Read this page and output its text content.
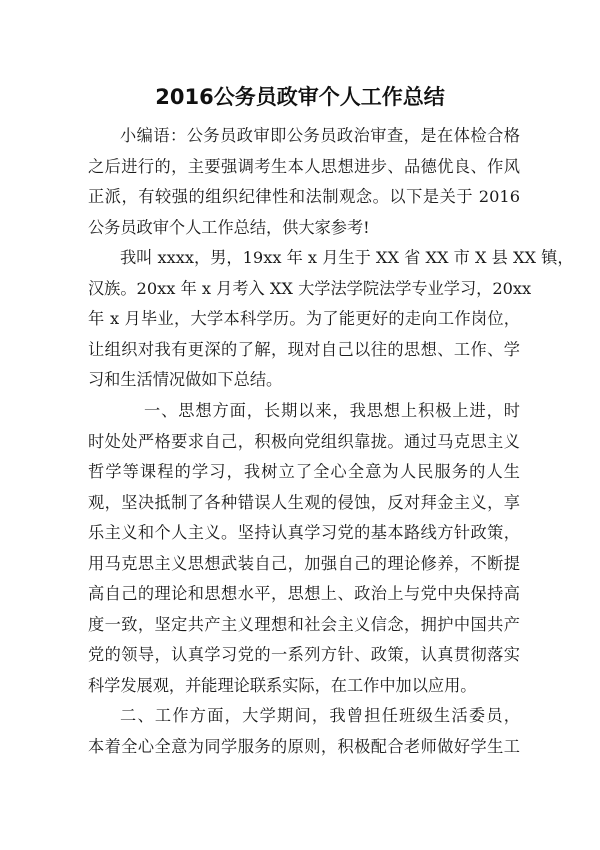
2016公务员政审个人工作总结
小编语：公务员政审即公务员政治审查，是在体检合格
之后进行的，主要强调考生本人思想进步、品德优良、作风
正派，有较强的组织纪律性和法制观念。以下是关于 2016
公务员政审个人工作总结，供大家参考!
我叫 xxxx，男，19xx 年 x 月生于 XX 省 XX 市 X 县 XX 镇，
汉族。20xx 年 x 月考入 XX 大学法学院法学专业学习，20xx
年 x 月毕业，大学本科学历。为了能更好的走向工作岗位，
让组织对我有更深的了解，现对自己以往的思想、工作、学
习和生活情况做如下总结。
一、思想方面，长期以来，我思想上积极上进，时
时处处严格要求自己，积极向党组织靠拢。通过马克思主义
哲学等课程的学习，我树立了全心全意为人民服务的人生
观，坚决抵制了各种错误人生观的侵蚀，反对拜金主义，享
乐主义和个人主义。坚持认真学习党的基本路线方针政策，
用马克思主义思想武装自己，加强自己的理论修养，不断提
高自己的理论和思想水平，思想上、政治上与党中央保持高
度一致，坚定共产主义理想和社会主义信念，拥护中国共产
党的领导，认真学习党的一系列方针、政策，认真贯彻落实
科学发展观，并能理论联系实际，在工作中加以应用。
二、工作方面，大学期间，我曾担任班级生活委员，
本着全心全意为同学服务的原则，积极配合老师做好学生工
